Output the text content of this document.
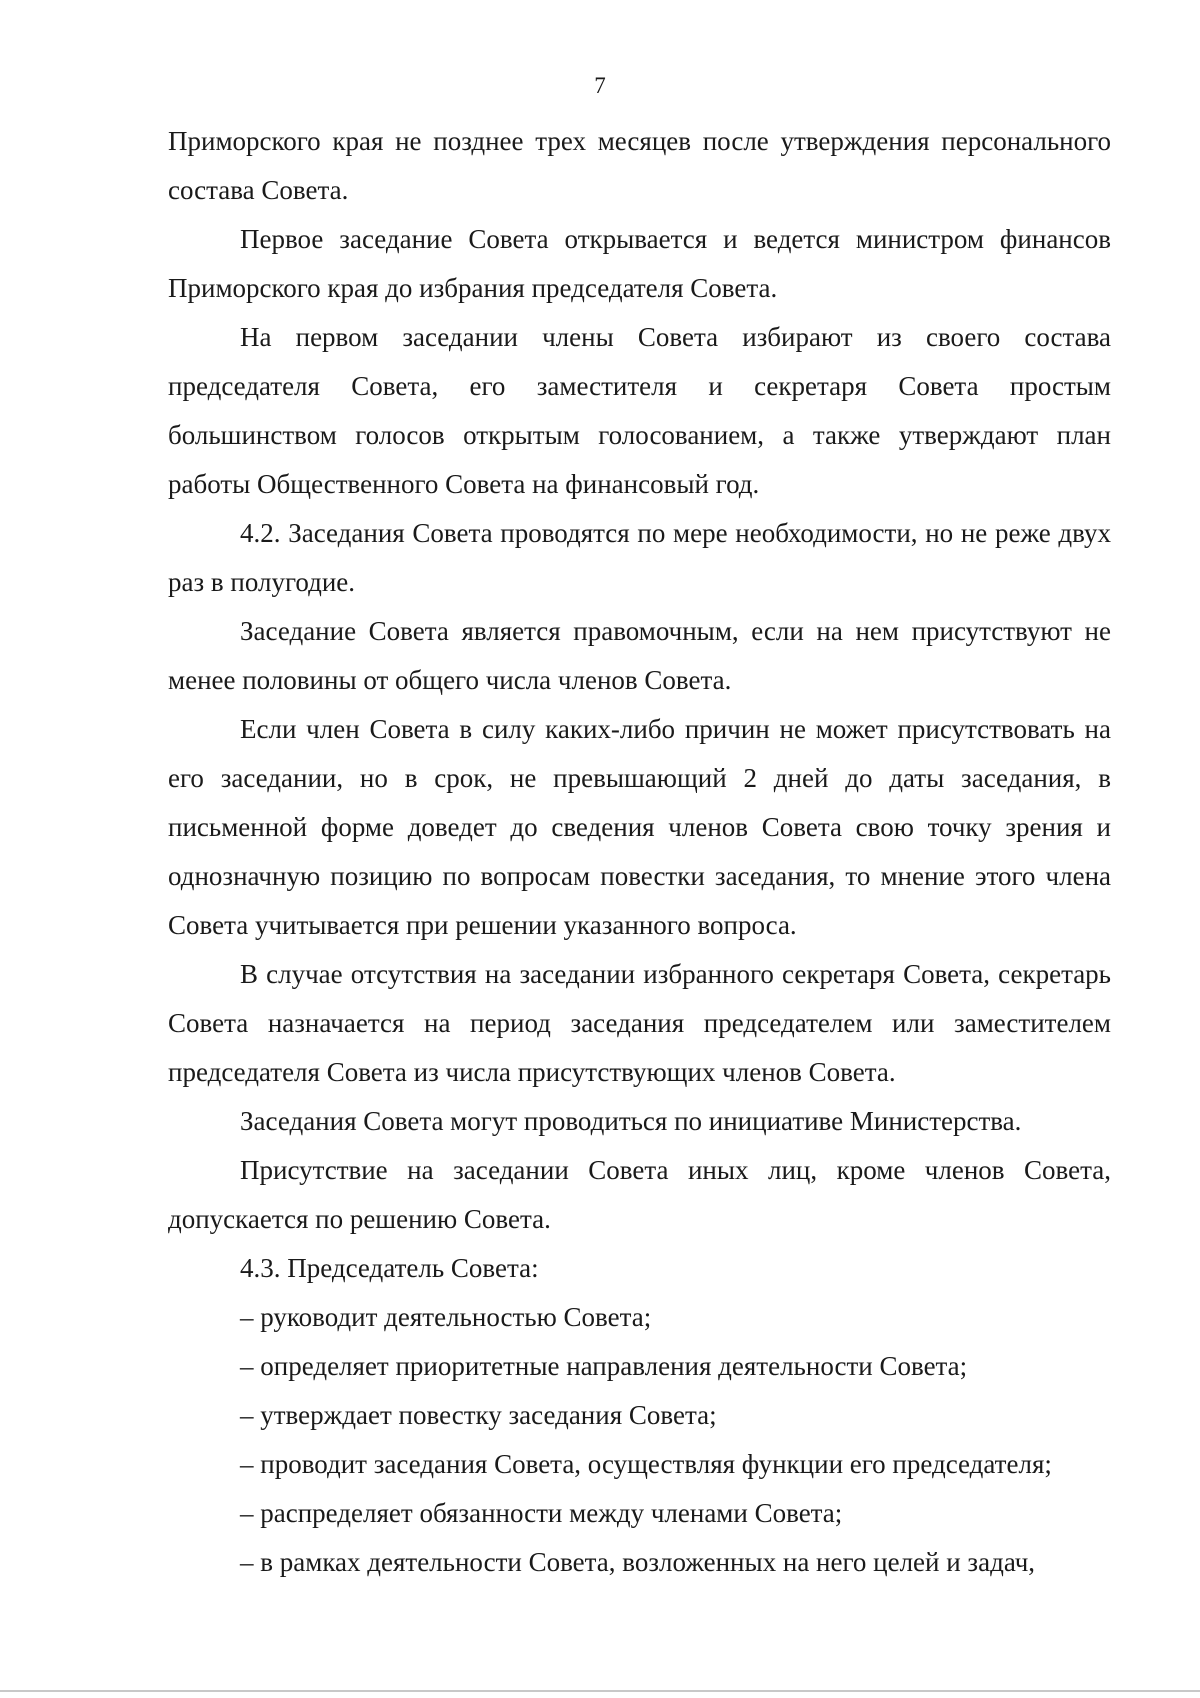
7

Приморского края не позднее трех месяцев после утверждения персонального состава Совета.

Первое заседание Совета открывается и ведется министром финансов Приморского края до избрания председателя Совета.

На первом заседании члены Совета избирают из своего состава председателя Совета, его заместителя и секретаря Совета простым большинством голосов открытым голосованием, а также утверждают план работы Общественного Совета на финансовый год.

4.2. Заседания Совета проводятся по мере необходимости, но не реже двух раз в полугодие.

Заседание Совета является правомочным, если на нем присутствуют не менее половины от общего числа членов Совета.

Если член Совета в силу каких-либо причин не может присутствовать на его заседании, но в срок, не превышающий 2 дней до даты заседания, в письменной форме доведет до сведения членов Совета свою точку зрения и однозначную позицию по вопросам повестки заседания, то мнение этого члена Совета учитывается при решении указанного вопроса.

В случае отсутствия на заседании избранного секретаря Совета, секретарь Совета назначается на период заседания председателем или заместителем председателя Совета из числа присутствующих членов Совета.

Заседания Совета могут проводиться по инициативе Министерства.

Присутствие на заседании Совета иных лиц, кроме членов Совета, допускается по решению Совета.

4.3. Председатель Совета:

– руководит деятельностью Совета;

– определяет приоритетные направления деятельности Совета;

– утверждает повестку заседания Совета;

– проводит заседания Совета, осуществляя функции его председателя;

– распределяет обязанности между членами Совета;

– в рамках деятельности Совета, возложенных на него целей и задач,
